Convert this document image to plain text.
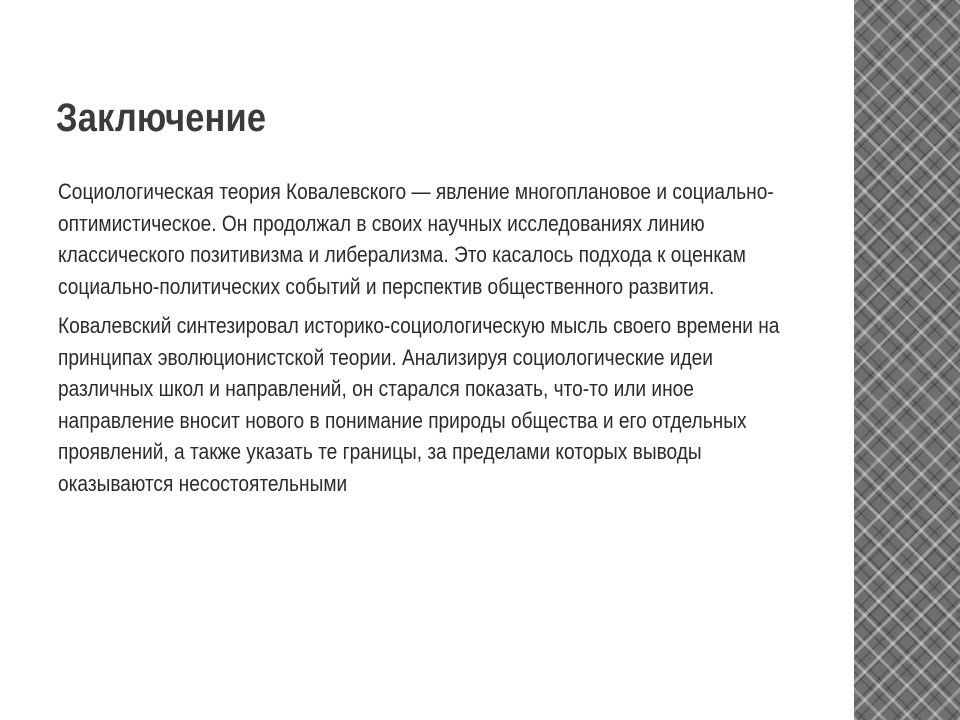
Заключение

Социологическая теория Ковалевского — явление многоплановое и социально-оптимистическое. Он продолжал в своих научных исследованиях линию классического позитивизма и либерализма. Это касалось подхода к оценкам социально-политических событий и перспектив общественного развития.

Ковалевский синтезировал историко-социологическую мысль своего времени на принципах эволюционистской теории. Анализируя социологические идеи различных школ и направлений, он старался показать, что-то или иное направление вносит нового в понимание природы общества и его отдельных проявлений, а также указать те границы, за пределами которых выводы оказываются несостоятельными
